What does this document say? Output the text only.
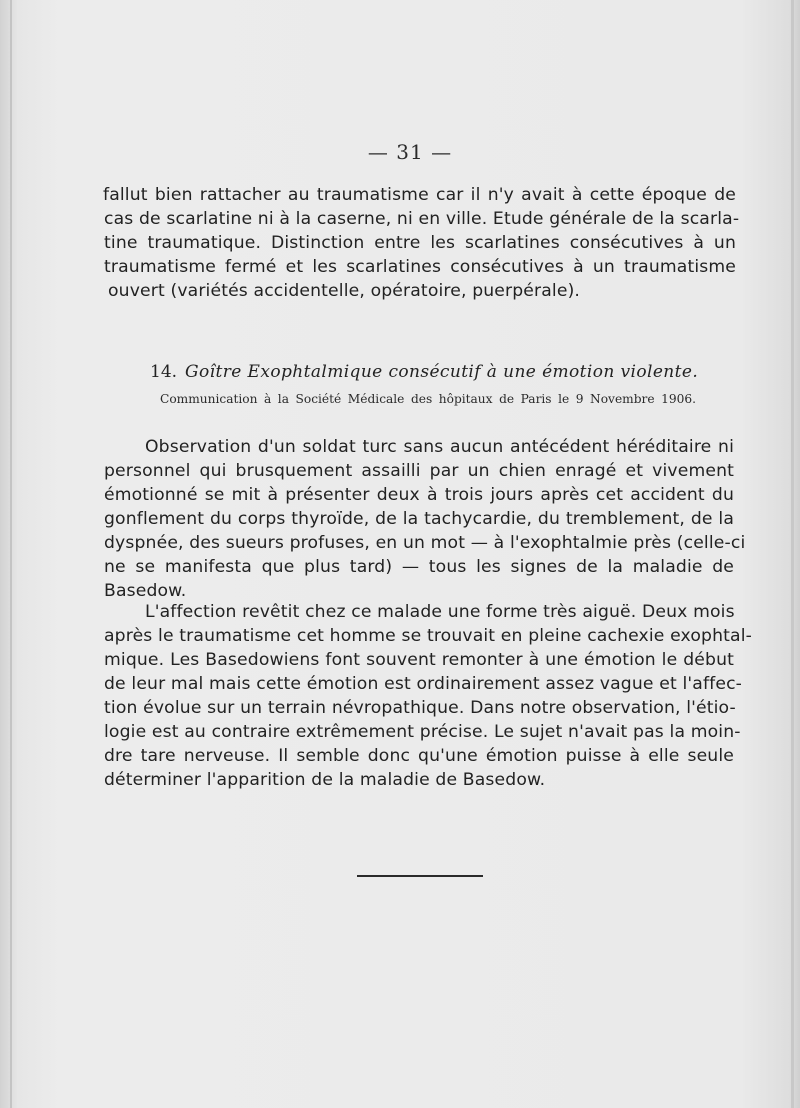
— 31 —
fallut bien rattacher au traumatisme car il n'y avait à cette époque de
cas de scarlatine ni à la caserne, ni en ville. Etude générale de la scarla-
tine traumatique. Distinction entre les scarlatines consécutives à un
traumatisme fermé et les scarlatines consécutives à un traumatisme
ouvert (variétés accidentelle, opératoire, puerpérale).
14. Goître Exophtalmique consécutif à une émotion violente.
Communication à la Société Médicale des hôpitaux de Paris le 9 Novembre 1906.
Observation d'un soldat turc sans aucun antécédent héréditaire ni
personnel qui brusquement assailli par un chien enragé et vivement
émotionné se mit à présenter deux à trois jours après cet accident du
gonflement du corps thyroïde, de la tachycardie, du tremblement, de la
dyspnée, des sueurs profuses, en un mot — à l'exophtalmie près (celle-ci
ne se manifesta que plus tard) — tous les signes de la maladie de
Basedow.
L'affection revêtit chez ce malade une forme très aiguë. Deux mois
après le traumatisme cet homme se trouvait en pleine cachexie exophtal-
mique. Les Basedowiens font souvent remonter à une émotion le début
de leur mal mais cette émotion est ordinairement assez vague et l'affec-
tion évolue sur un terrain névropathique. Dans notre observation, l'étio-
logie est au contraire extrêmement précise. Le sujet n'avait pas la moin-
dre tare nerveuse. Il semble donc qu'une émotion puisse à elle seule
déterminer l'apparition de la maladie de Basedow.
